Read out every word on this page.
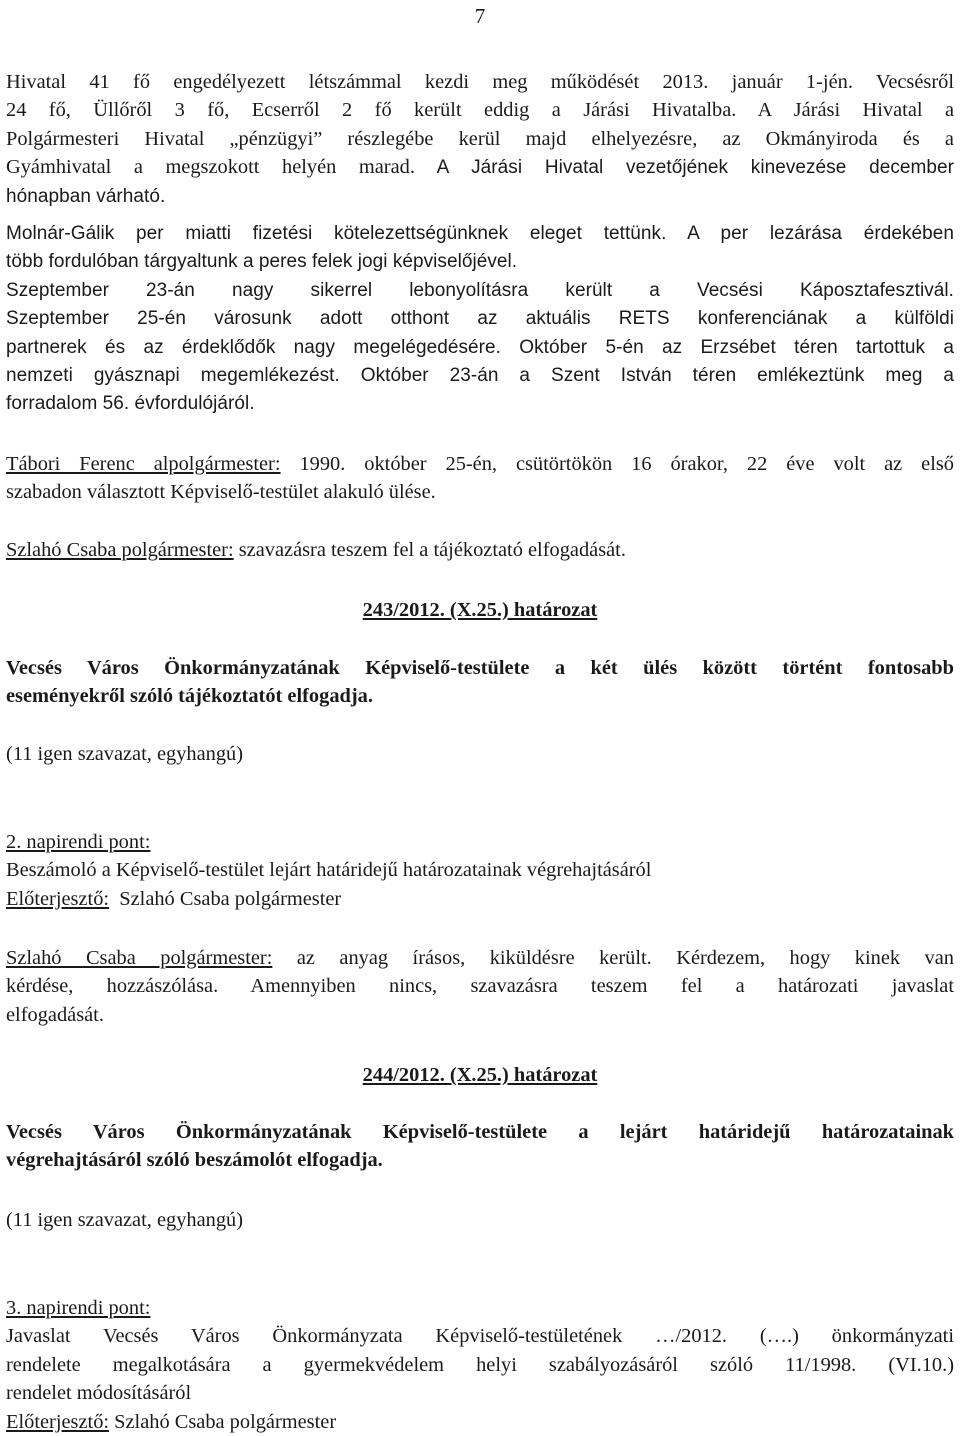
7

Hivatal 41 fő engedélyezett létszámmal kezdi meg működését 2013. január 1-jén. Vecsésről

24 fő, Üllőről 3 fő, Ecserről 2 fő került eddig a Járási Hivatalba. A Járási Hivatal a

Polgármesteri Hivatal „pénzügyi” részlegébe kerül majd elhelyezésre, az Okmányiroda és a

Gyámhivatal a megszokott helyén marad. A Járási Hivatal vezetőjének kinevezése december

hónapban várható.

Molnár-Gálik per miatti fizetési kötelezettségünknek eleget tettünk. A per lezárása érdekében

több fordulóban tárgyaltunk a peres felek jogi képviselőjével.

Szeptember 23-án nagy sikerrel lebonyolításra került a Vecsési Káposztafesztivál.

Szeptember 25-én városunk adott otthont az aktuális RETS konferenciának a külföldi

partnerek és az érdeklődők nagy megelégedésére. Október 5-én az Erzsébet téren tartottuk a

nemzeti gyásznapi megemlékezést. Október 23-án a Szent István téren emlékeztünk meg a

forradalom 56. évfordulójáról.

Tábori Ferenc alpolgármester: 1990. október 25-én, csütörtökön 16 órakor, 22 éve volt az első

szabadon választott Képviselő-testület alakuló ülése.

Szlahó Csaba polgármester: szavazásra teszem fel a tájékoztató elfogadását.

243/2012. (X.25.) határozat

Vecsés Város Önkormányzatának Képviselő-testülete a két ülés között történt fontosabb

eseményekről szóló tájékoztatót elfogadja.

(11 igen szavazat, egyhangú)

2. napirendi pont:

Beszámoló a Képviselő-testület lejárt határidejű határozatainak végrehajtásáról

Előterjesztő:  Szlahó Csaba polgármester

Szlahó Csaba polgármester: az anyag írásos, kiküldésre került. Kérdezem, hogy kinek van

kérdése, hozzászólása. Amennyiben nincs, szavazásra teszem fel a határozati javaslat

elfogadását.

244/2012. (X.25.) határozat

Vecsés Város Önkormányzatának Képviselő-testülete a lejárt határidejű határozatainak

végrehajtásáról szóló beszámolót elfogadja.

(11 igen szavazat, egyhangú)

3. napirendi pont:

Javaslat Vecsés Város Önkormányzata Képviselő-testületének …/2012. (….) önkormányzati

rendelete megalkotására a gyermekvédelem helyi szabályozásáról szóló 11/1998. (VI.10.)

rendelet módosításáról

Előterjesztő: Szlahó Csaba polgármester
